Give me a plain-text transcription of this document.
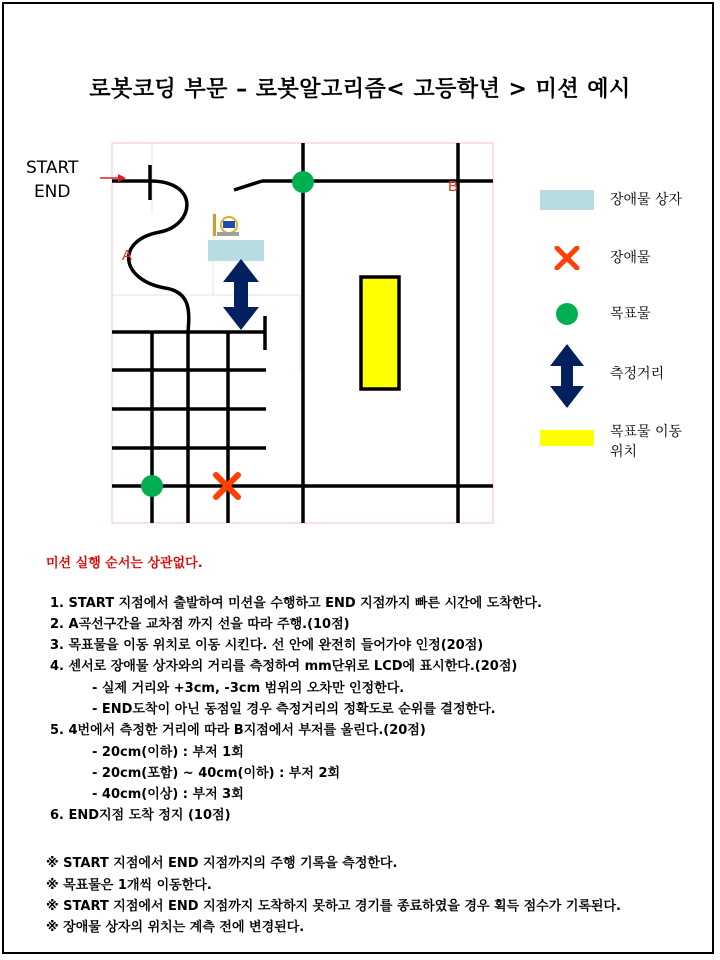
로봇코딩 부문 – 로봇알고리즘< 고등학년 > 미션 예시
START
END
A
B
장애물 상자
장애물
목표물
측정거리
목표물 이동
위치
미션 실행 순서는 상관없다.
1. START 지점에서 출발하여 미션을 수행하고 END 지점까지 빠른 시간에 도착한다.
2. A곡선구간을 교차점 까지 선을 따라 주행.(10점)
3. 목표물을 이동 위치로 이동 시킨다. 선 안에 완전히 들어가야 인정(20점)
4. 센서로 장애물 상자와의 거리를 측정하여 mm단위로 LCD에 표시한다.(20점)
- 실제 거리와 +3cm, -3cm 범위의 오차만 인정한다.
- END도착이 아닌 동점일 경우 측정거리의 정확도로 순위를 결정한다.
5. 4번에서 측정한 거리에 따라 B지점에서 부저를 울린다.(20점)
- 20cm(이하) : 부저 1회
- 20cm(포함) ~ 40cm(이하) : 부저 2회
- 40cm(이상) : 부저 3회
6. END지점 도착 정지 (10점)
※ START 지점에서 END 지점까지의 주행 기록을 측정한다.
※ 목표물은 1개씩 이동한다.
※ START 지점에서 END 지점까지 도착하지 못하고 경기를 종료하였을 경우 획득 점수가 기록된다.
※ 장애물 상자의 위치는 계측 전에 변경된다.
